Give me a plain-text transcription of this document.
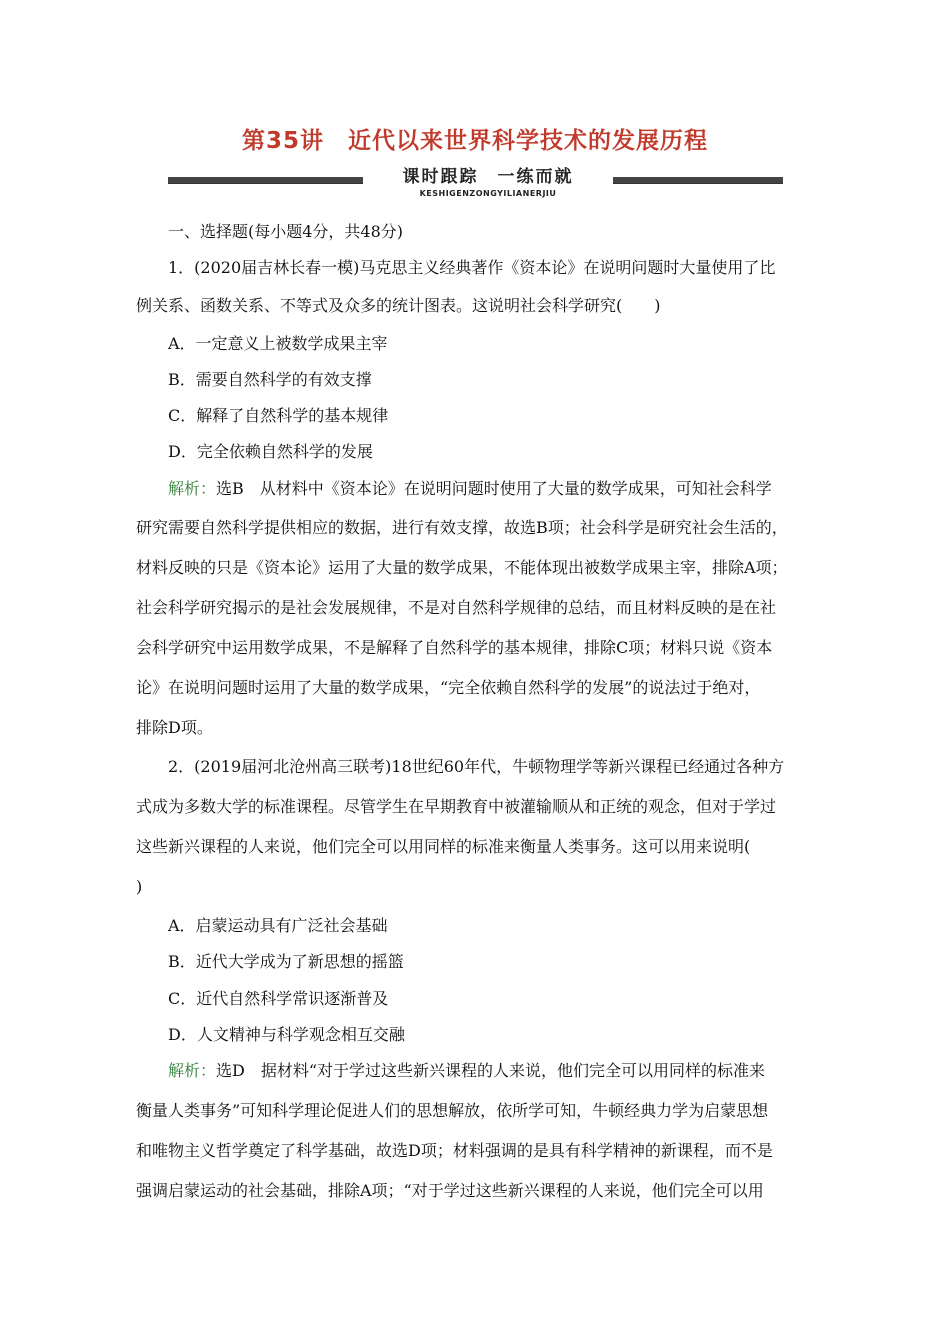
第35讲　近代以来世界科学技术的发展历程
课时跟踪　一练而就
KESHIGENZONGYILIANERJIU
一、选择题(每小题4分，共48分)
1．(2020届吉林长春一模)马克思主义经典著作《资本论》在说明问题时大量使用了比
例关系、函数关系、不等式及众多的统计图表。这说明社会科学研究(　　)
A．一定意义上被数学成果主宰
B．需要自然科学的有效支撑
C．解释了自然科学的基本规律
D．完全依赖自然科学的发展
解析：选B　从材料中《资本论》在说明问题时使用了大量的数学成果，可知社会科学
研究需要自然科学提供相应的数据，进行有效支撑，故选B项；社会科学是研究社会生活的，
材料反映的只是《资本论》运用了大量的数学成果，不能体现出被数学成果主宰，排除A项；
社会科学研究揭示的是社会发展规律，不是对自然科学规律的总结，而且材料反映的是在社
会科学研究中运用数学成果，不是解释了自然科学的基本规律，排除C项；材料只说《资本
论》在说明问题时运用了大量的数学成果，“完全依赖自然科学的发展”的说法过于绝对，
排除D项。
2．(2019届河北沧州高三联考)18世纪60年代，牛顿物理学等新兴课程已经通过各种方
式成为多数大学的标准课程。尽管学生在早期教育中被灌输顺从和正统的观念，但对于学过
这些新兴课程的人来说，他们完全可以用同样的标准来衡量人类事务。这可以用来说明(
)
A．启蒙运动具有广泛社会基础
B．近代大学成为了新思想的摇篮
C．近代自然科学常识逐渐普及
D．人文精神与科学观念相互交融
解析：选D　据材料“对于学过这些新兴课程的人来说，他们完全可以用同样的标准来
衡量人类事务”可知科学理论促进人们的思想解放，依所学可知，牛顿经典力学为启蒙思想
和唯物主义哲学奠定了科学基础，故选D项；材料强调的是具有科学精神的新课程，而不是
强调启蒙运动的社会基础，排除A项；“对于学过这些新兴课程的人来说，他们完全可以用
